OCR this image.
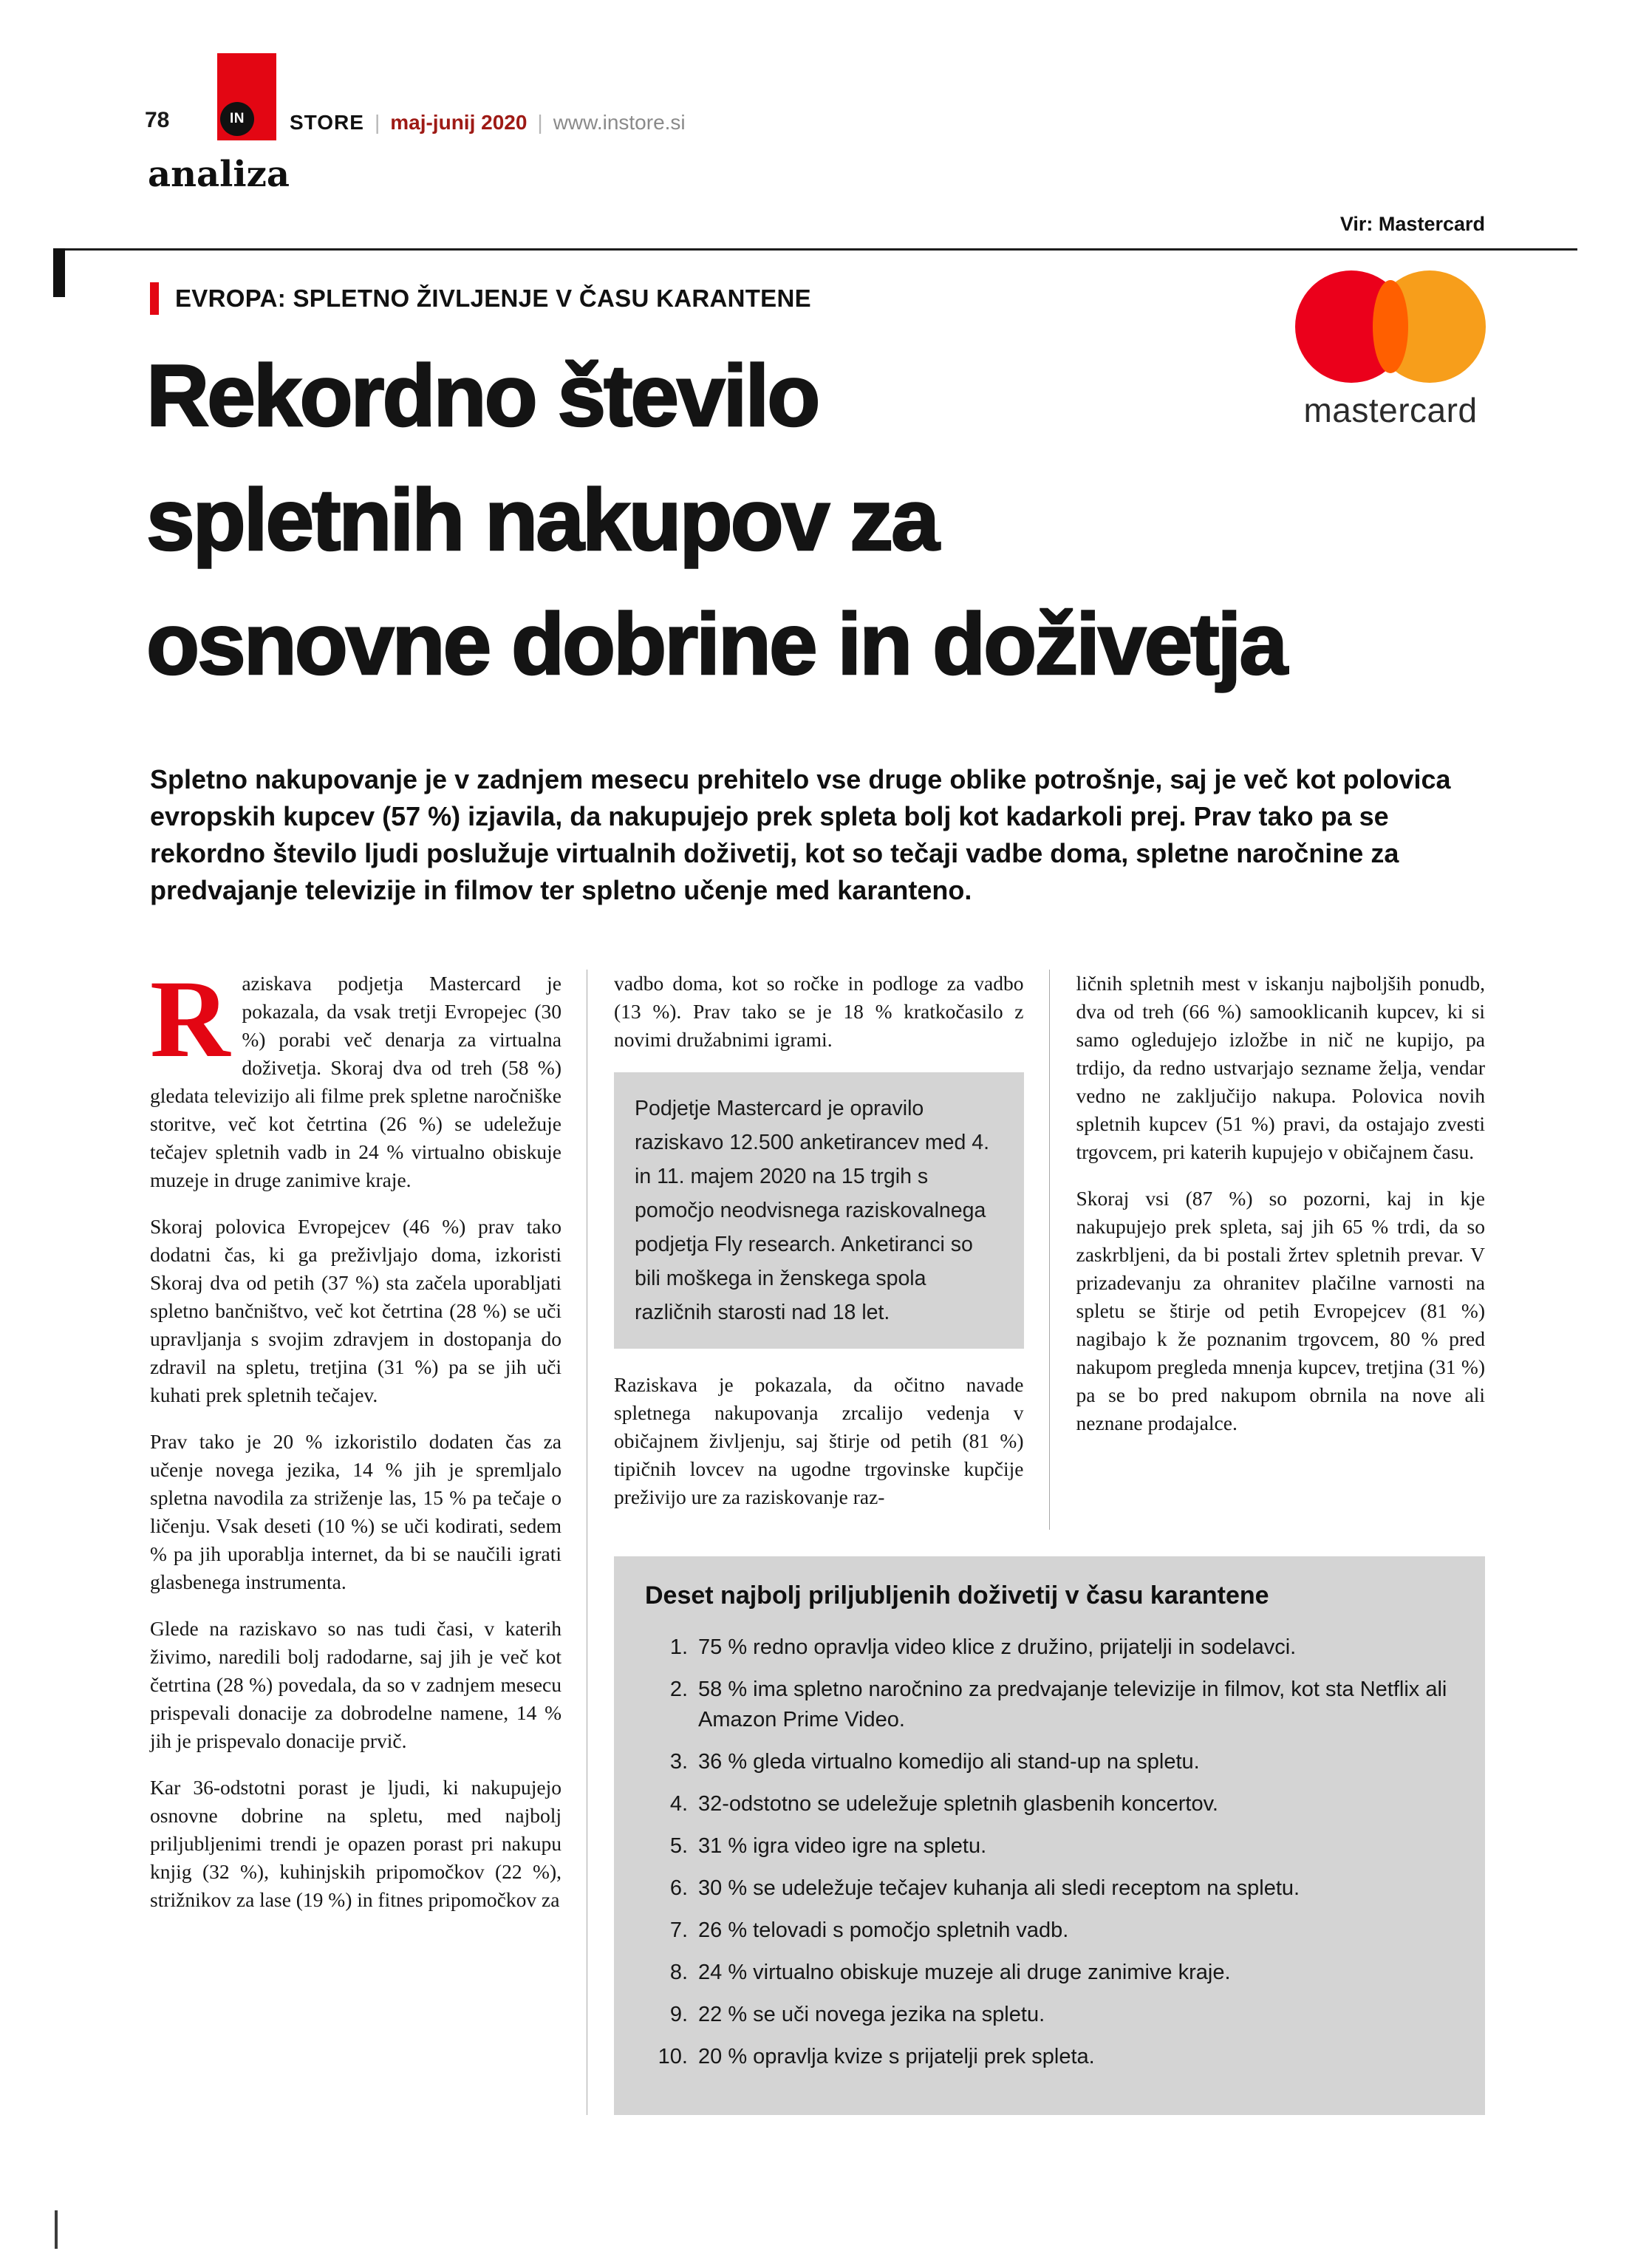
78	IN STORE | maj-junij 2020 | www.instore.si
analiza
Vir: Mastercard
EVROPA: SPLETNO ŽIVLJENJE V ČASU KARANTENE
mastercard
Rekordno število
spletnih nakupov za
osnovne dobrine in doživetja

Spletno nakupovanje je v zadnjem mesecu prehitelo vse druge oblike potrošnje, saj je več kot polovica evropskih kupcev (57 %) izjavila, da nakupujejo prek spleta bolj kot kadarkoli prej. Prav tako pa se rekordno število ljudi poslužuje virtualnih doživetij, kot so tečaji vadbe doma, spletne naročnine za predvajanje televizije in filmov ter spletno učenje med karanteno.

Raziskava podjetja Mastercard je pokazala, da vsak tretji Evropejec (30 %) porabi več denarja za virtualna doživetja. Skoraj dva od treh (58 %) gledata televizijo ali filme prek spletne naročniške storitve, več kot četrtina (26 %) se udeležuje tečajev spletnih vadb in 24 % virtualno obiskuje muzeje in druge zanimive kraje.

Skoraj polovica Evropejcev (46 %) prav tako dodatni čas, ki ga preživljajo doma, izkoristi Skoraj dva od petih (37 %) sta začela uporabljati spletno bančništvo, več kot četrtina (28 %) se uči upravljanja s svojim zdravjem in dostopanja do zdravil na spletu, tretjina (31 %) pa se jih uči kuhati prek spletnih tečajev.

Prav tako je 20 % izkoristilo dodaten čas za učenje novega jezika, 14 % jih je spremljalo spletna navodila za striženje las, 15 % pa tečaje o ličenju. Vsak deseti (10 %) se uči kodirati, sedem % pa jih uporablja internet, da bi se naučili igrati glasbenega instrumenta.

Glede na raziskavo so nas tudi časi, v katerih živimo, naredili bolj radodarne, saj jih je več kot četrtina (28 %) povedala, da so v zadnjem mesecu prispevali donacije za dobrodelne namene, 14 % jih je prispevalo donacije prvič.

Kar 36-odstotni porast je ljudi, ki nakupujejo osnovne dobrine na spletu, med najbolj priljubljenimi trendi je opazen porast pri nakupu knjig (32 %), kuhinjskih pripomočkov (22 %), strižnikov za lase (19 %) in fitnes pripomočkov za

vadbo doma, kot so ročke in podloge za vadbo (13 %). Prav tako se je 18 % kratkočasilo z novimi družabnimi igrami.

Podjetje Mastercard je opravilo raziskavo 12.500 anketirancev med 4. in 11. majem 2020 na 15 trgih s pomočjo neodvisnega raziskovalnega podjetja Fly research. Anketiranci so bili moškega in ženskega spola različnih starosti nad 18 let.

Raziskava je pokazala, da očitno navade spletnega nakupovanja zrcalijo vedenja v običajnem življenju, saj štirje od petih (81 %) tipičnih lovcev na ugodne trgovinske kupčije preživijo ure za raziskovanje raz-

ličnih spletnih mest v iskanju najboljših ponudb, dva od treh (66 %) samooklicanih kupcev, ki si samo ogledujejo izložbe in nič ne kupijo, pa trdijo, da redno ustvarjajo sezname želja, vendar vedno ne zaključijo nakupa. Polovica novih spletnih kupcev (51 %) pravi, da ostajajo zvesti trgovcem, pri katerih kupujejo v običajnem času.

Skoraj vsi (87 %) so pozorni, kaj in kje nakupujejo prek spleta, saj jih 65 % trdi, da so zaskrbljeni, da bi postali žrtev spletnih prevar. V prizadevanju za ohranitev plačilne varnosti na spletu se štirje od petih Evropejcev (81 %) nagibajo k že poznanim trgovcem, 80 % pred nakupom pregleda mnenja kupcev, tretjina (31 %) pa se bo pred nakupom obrnila na nove ali neznane prodajalce.

Deset najbolj priljubljenih doživetij v času karantene
1. 75 % redno opravlja video klice z družino, prijatelji in sodelavci.
2. 58 % ima spletno naročnino za predvajanje televizije in filmov, kot sta Netflix ali Amazon Prime Video.
3. 36 % gleda virtualno komedijo ali stand-up na spletu.
4. 32-odstotno se udeležuje spletnih glasbenih koncertov.
5. 31 % igra video igre na spletu.
6. 30 % se udeležuje tečajev kuhanja ali sledi receptom na spletu.
7. 26 % telovadi s pomočjo spletnih vadb.
8. 24 % virtualno obiskuje muzeje ali druge zanimive kraje.
9. 22 % se uči novega jezika na spletu.
10. 20 % opravlja kvize s prijatelji prek spleta.
